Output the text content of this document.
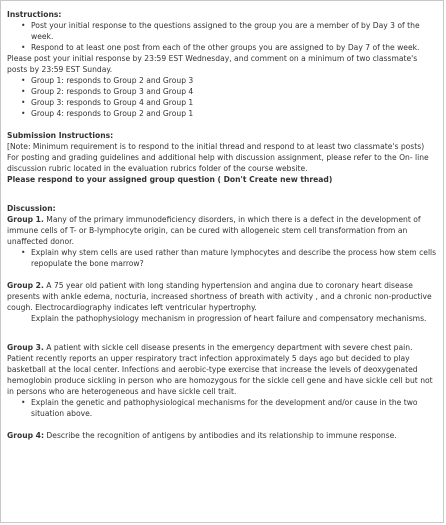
Instructions:

• Post your initial response to the questions assigned to the group you are a member of by Day 3 of the week.
• Respond to at least one post from each of the other groups you are assigned to by Day 7 of the week.

Please post your initial response by 23:59 EST Wednesday, and comment on a minimum of two classmate's posts by 23:59 EST Sunday.

• Group 1: responds to Group 2 and Group 3
• Group 2: responds to Group 3 and Group 4
• Group 3: responds to Group 4 and Group 1
• Group 4: responds to Group 2 and Group 1

Submission Instructions:

[Note: Minimum requirement is to respond to the initial thread and respond to at least two classmate's posts)

For posting and grading guidelines and additional help with discussion assignment, please refer to the On- line discussion rubric located in the evaluation rubrics folder of the course website.

Please respond to your assigned group question ( Don't Create new thread)

Discussion:

Group 1. Many of the primary immunodeficiency disorders, in which there is a defect in the development of immune cells of T- or B-lymphocyte origin, can be cured with allogeneic stem cell transformation from an unaffected donor.

• Explain why stem cells are used rather than mature lymphocytes and describe the process how stem cells repopulate the bone marrow?

Group 2. A 75 year old patient with long standing hypertension and angina due to coronary heart disease presents with ankle edema, nocturia, increased shortness of breath with activity , and a chronic non-productive cough. Electrocardiography indicates left ventricular hypertrophy.

Explain the pathophysiology mechanism in progression of heart failure and compensatory mechanisms.

Group 3. A patient with sickle cell disease presents in the emergency department with severe chest pain. Patient recently reports an upper respiratory tract infection approximately 5 days ago but decided to play basketball at the local center. Infections and aerobic-type exercise that increase the levels of deoxygenated hemoglobin produce sickling in person who are homozygous for the sickle cell gene and have sickle cell but not in persons who are heterogeneous and have sickle cell trait.

• Explain the genetic and pathophysiological mechanisms for the development and/or cause in the two situation above.

Group 4: Describe the recognition of antigens by antibodies and its relationship to immune response.
